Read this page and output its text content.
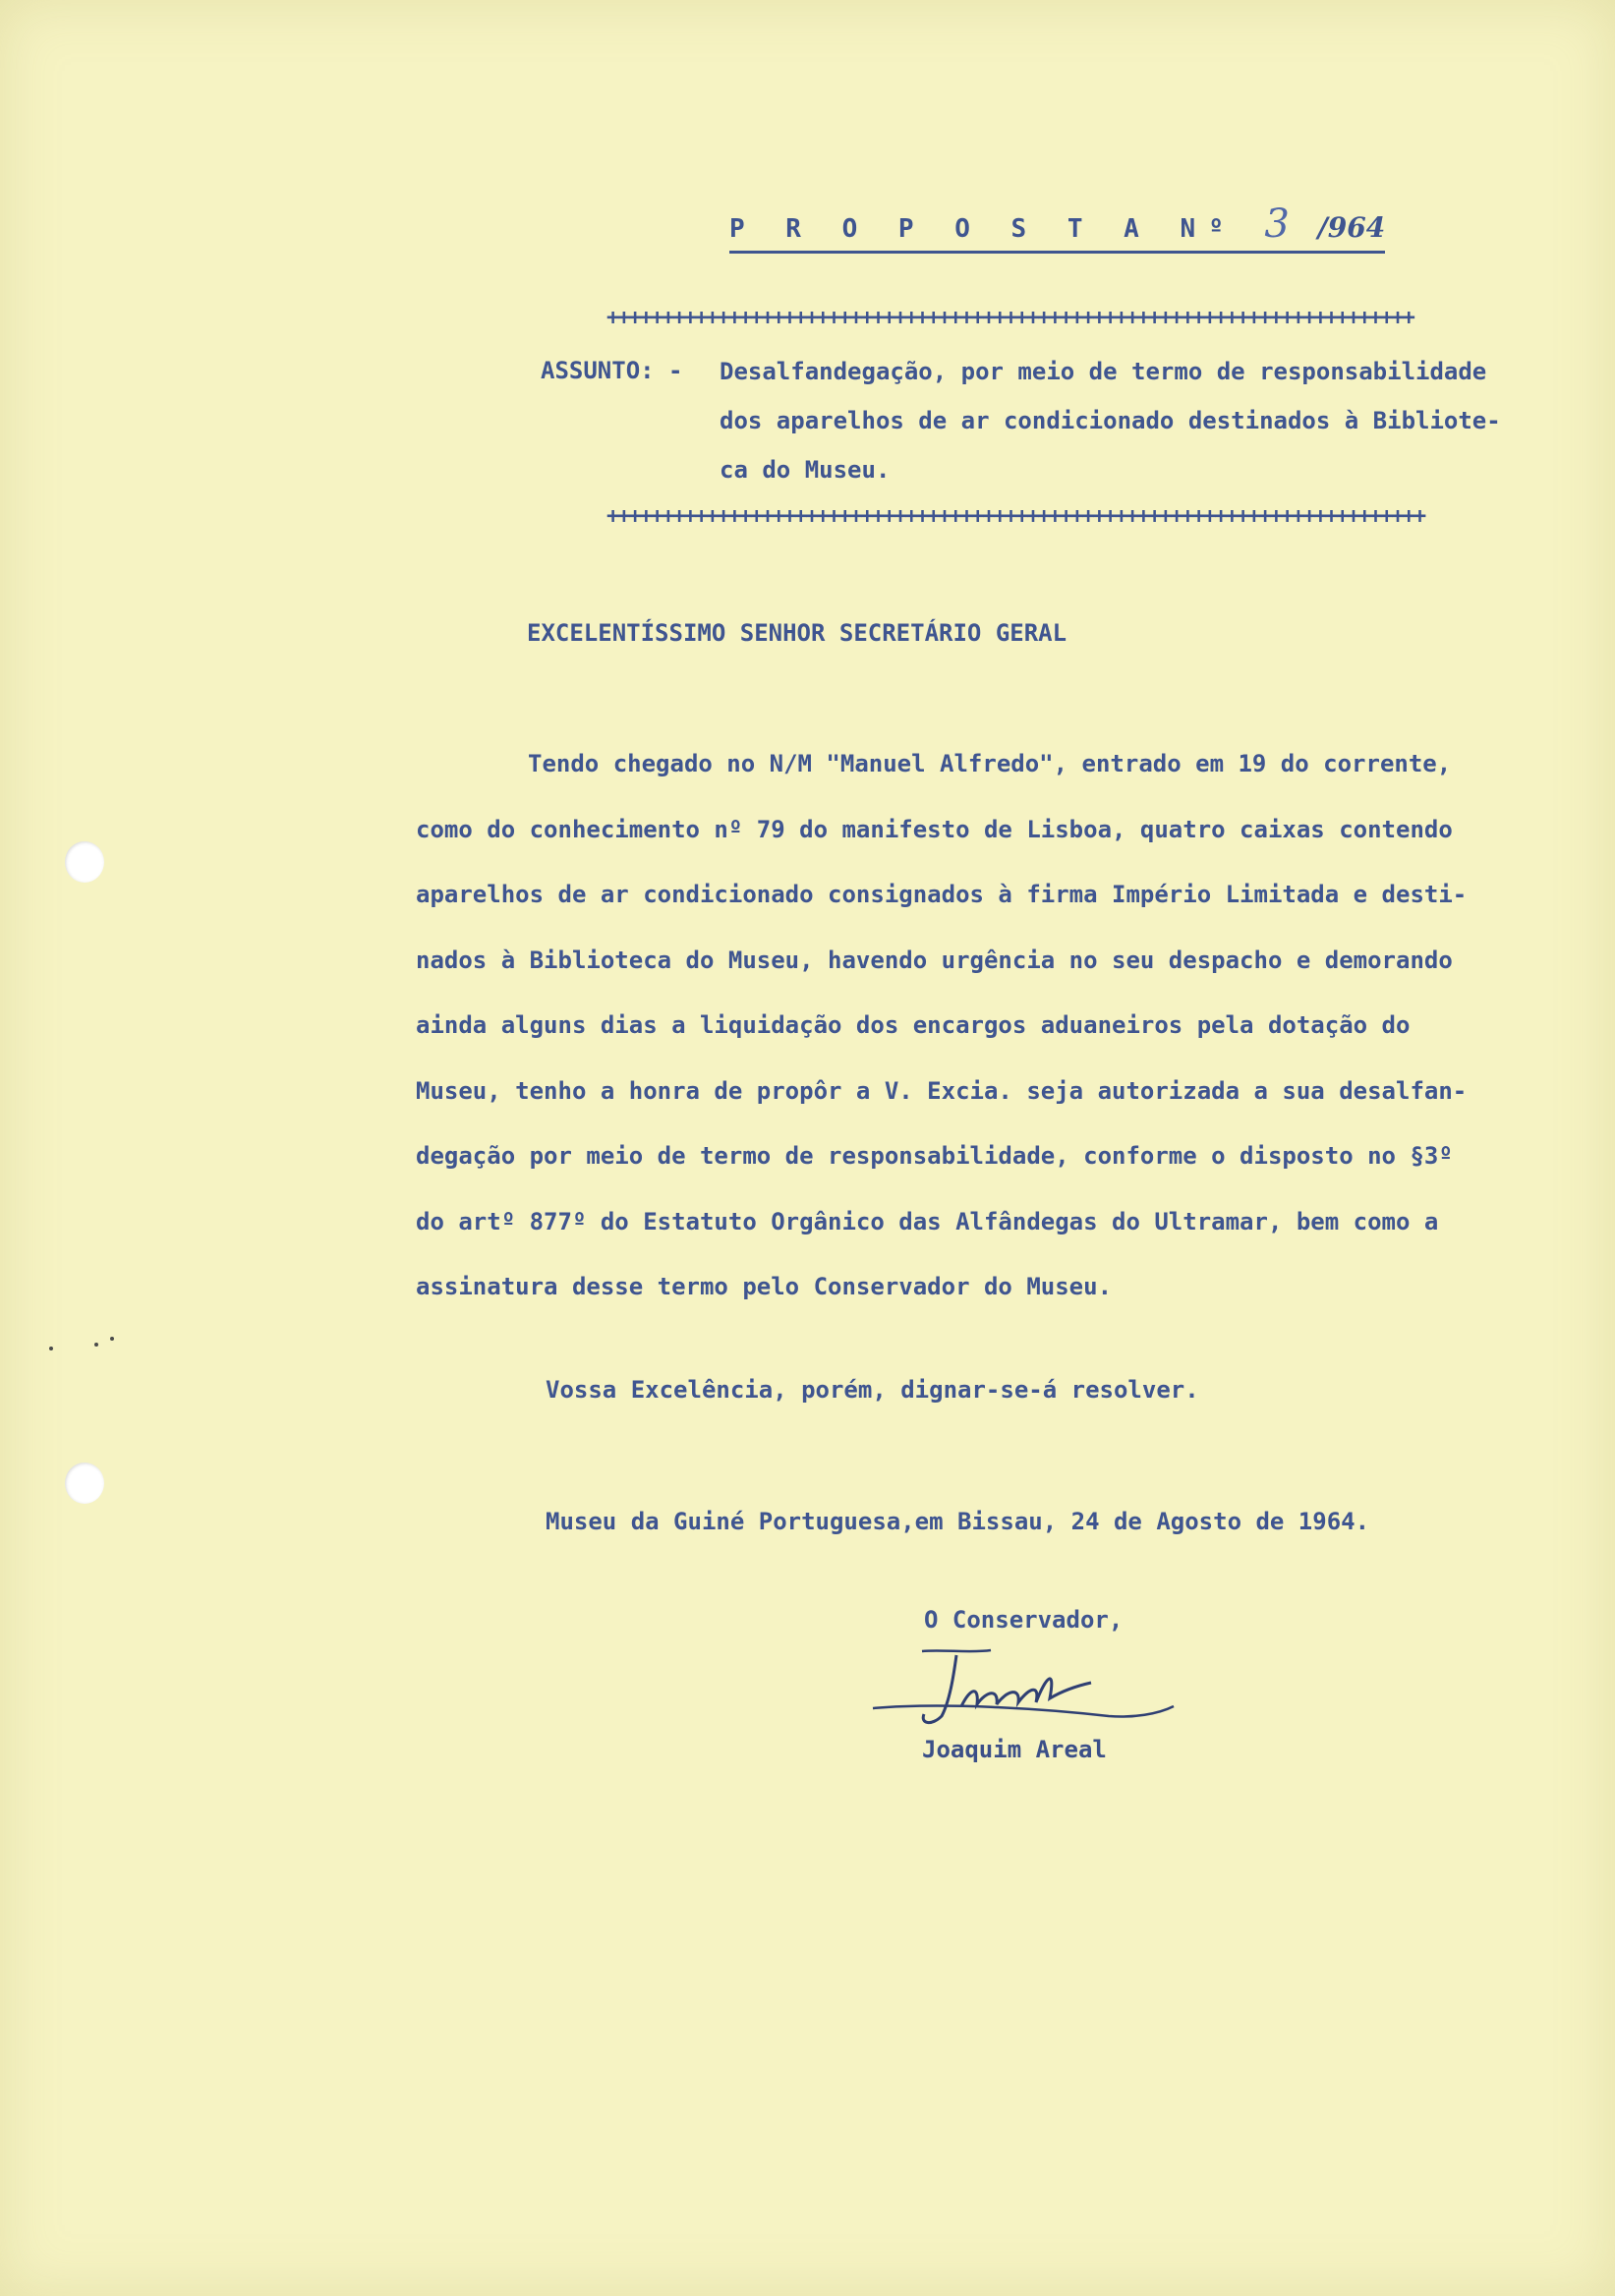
P R O P O S T A Nº 3 /964
+++++++++++++++++++++++++++++++++++++++++++++++++++++++++++++++++++++++++
ASSUNTO: - Desalfandegação, por meio de termo de responsabilidade
dos aparelhos de ar condicionado destinados à Bibliote-
ca do Museu.
++++++++++++++++++++++++++++++++++++++++++++++++++++++++++++++++++++++++++
EXCELENTÍSSIMO SENHOR SECRETÁRIO GERAL
Tendo chegado no N/M "Manuel Alfredo", entrado em 19 do corrente,
como do conhecimento nº 79 do manifesto de Lisboa, quatro caixas contendo
aparelhos de ar condicionado consignados à firma Império Limitada e desti-
nados à Biblioteca do Museu, havendo urgência no seu despacho e demorando
ainda alguns dias a liquidação dos encargos aduaneiros pela dotação do
Museu, tenho a honra de propôr a V. Excia. seja autorizada a sua desalfan-
degação por meio de termo de responsabilidade, conforme o disposto no §3º
do artº 877º do Estatuto Orgânico das Alfândegas do Ultramar, bem como a
assinatura desse termo pelo Conservador do Museu.
Vossa Excelência, porém, dignar-se-á resolver.
Museu da Guiné Portuguesa,em Bissau, 24 de Agosto de 1964.
O Conservador,
Joaquim Areal
